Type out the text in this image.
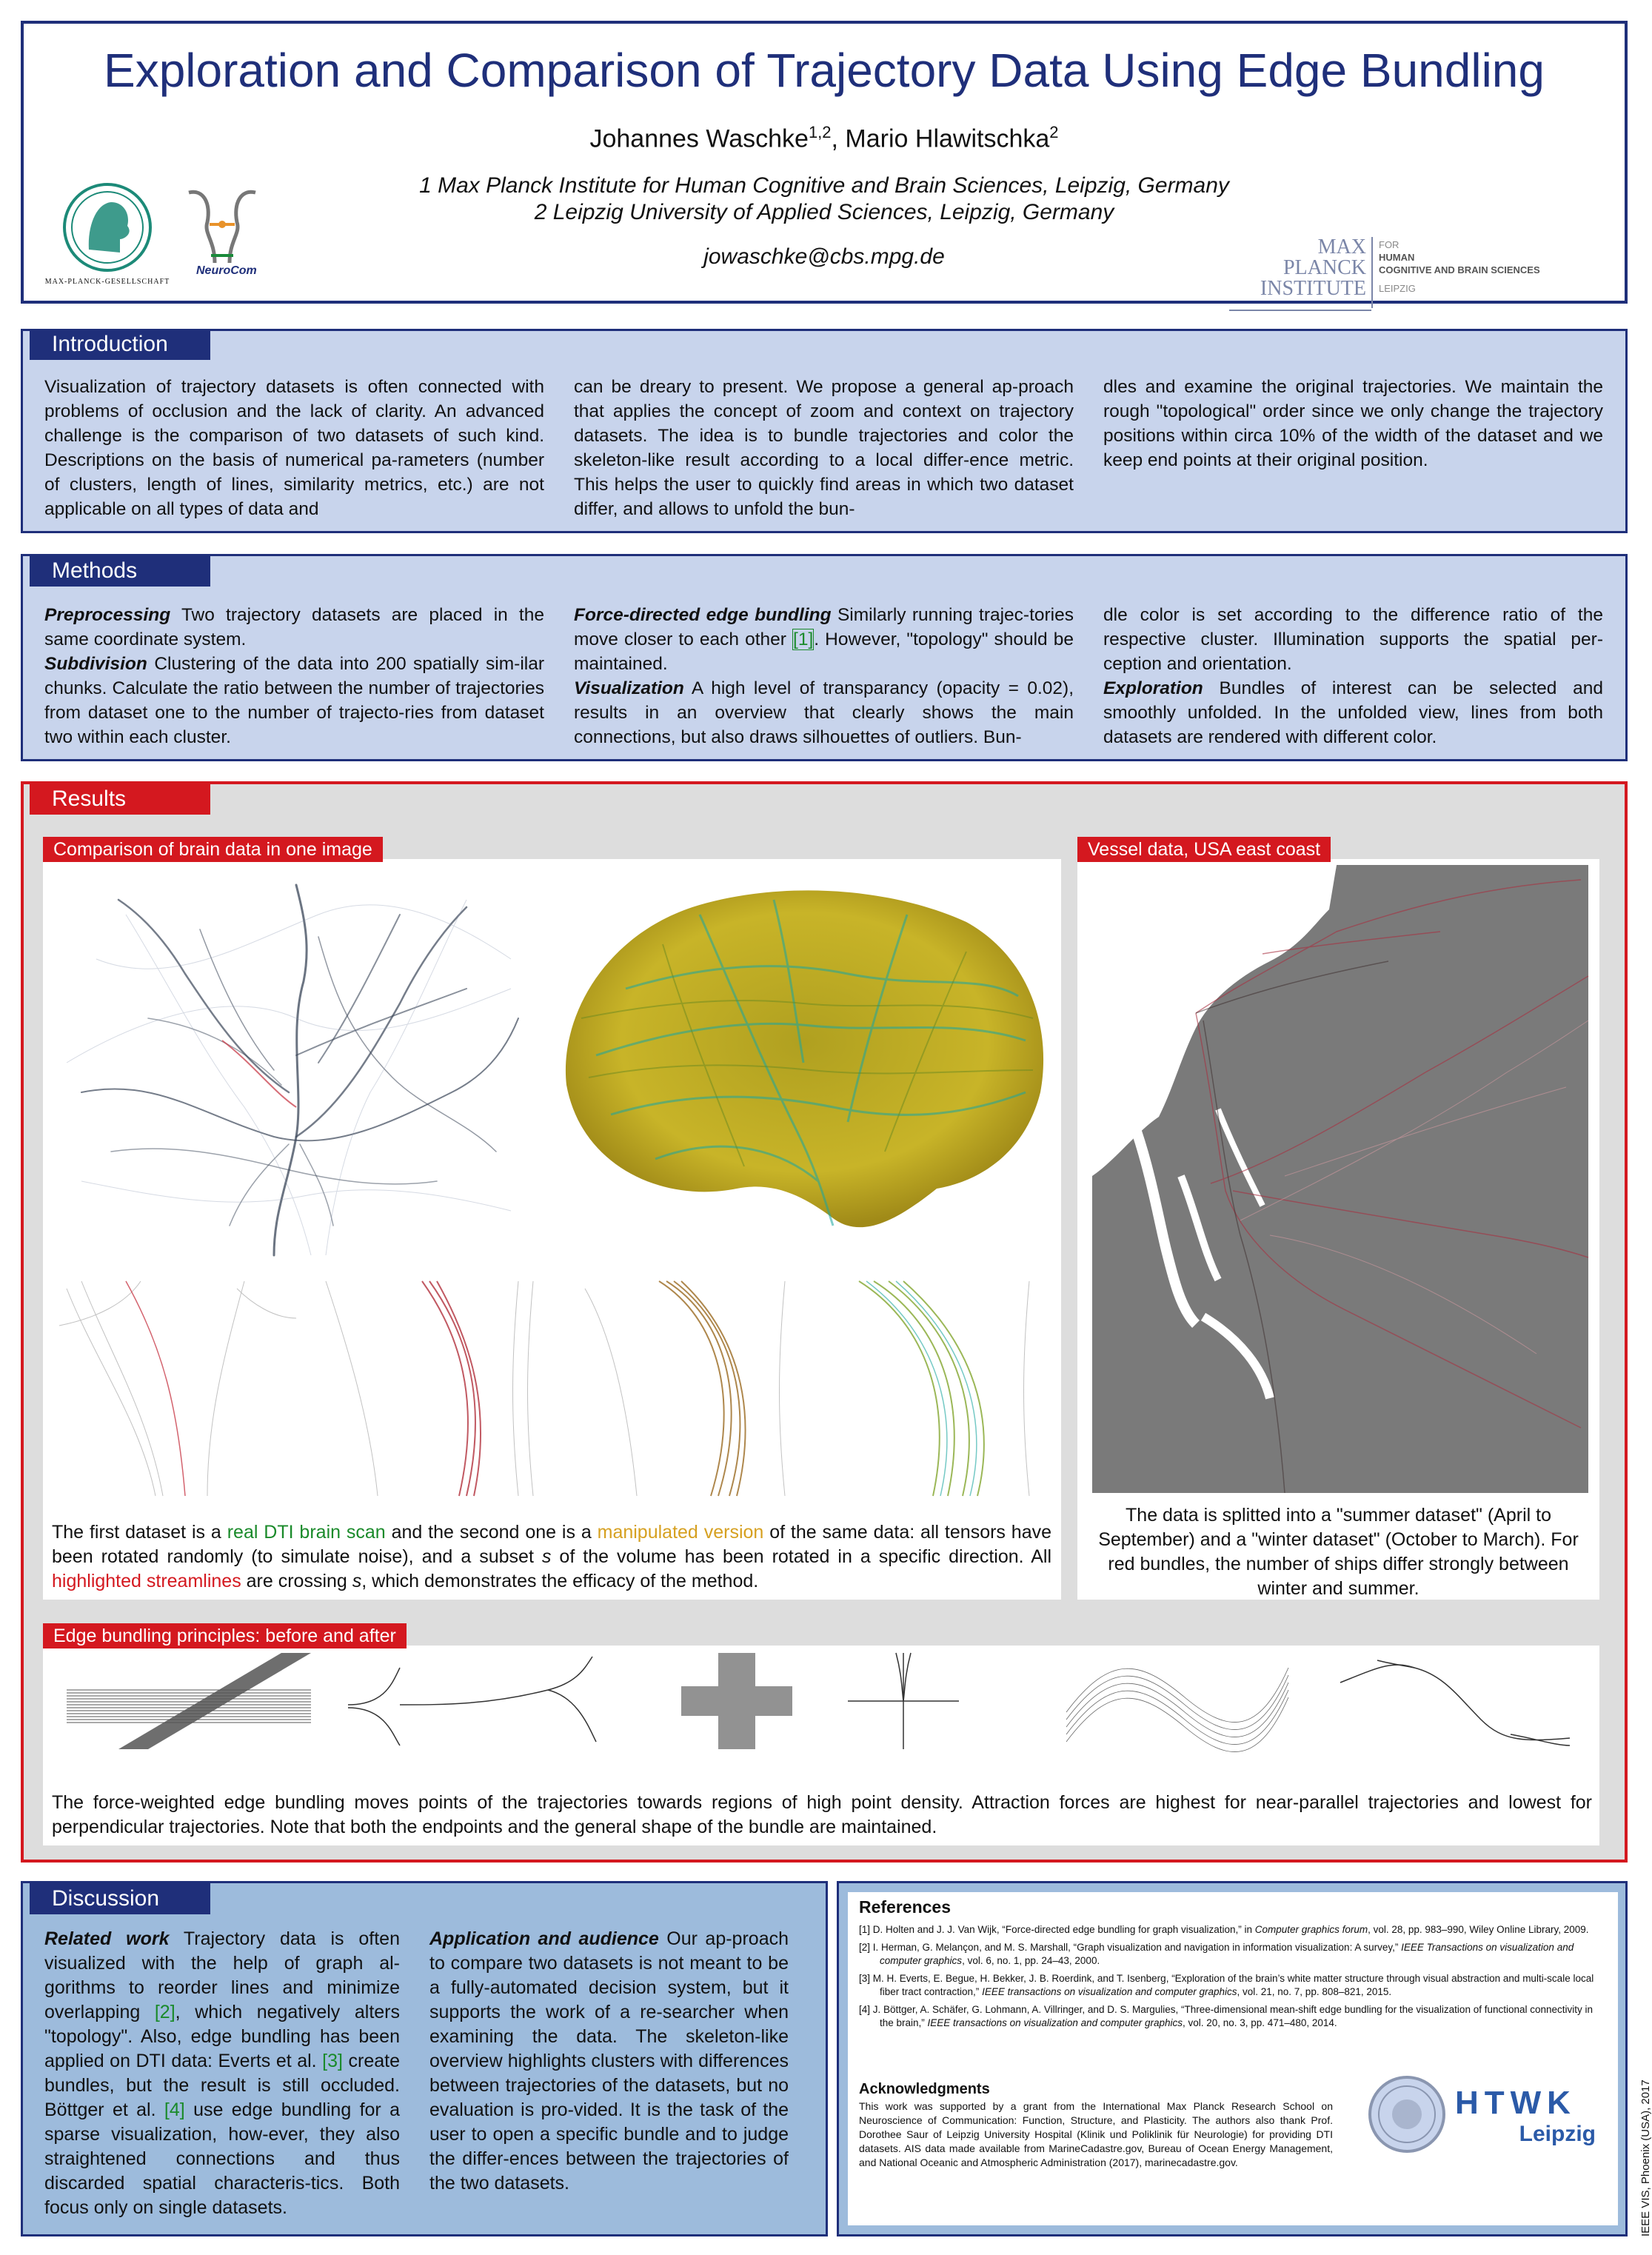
Exploration and Comparison of Trajectory Data Using Edge Bundling
Johannes Waschke$^{1,2}$, Mario Hlawitschka$^2$
1 Max Planck Institute for Human Cognitive and Brain Sciences, Leipzig, Germany
2 Leipzig University of Applied Sciences, Leipzig, Germany
jowaschke@cbs.mpg.de
MAX-PLANCK-GESELLSCHAFT
NeuroCom
MAX
PLANCK
INSTITUTE
FOR
HUMAN
COGNITIVE AND BRAIN SCIENCES
LEIPZIG
Introduction
Visualization of trajectory datasets is often connected with problems of occlusion and the lack of clarity. An advanced challenge is the comparison of two datasets of such kind. Descriptions on the basis of numerical pa-rameters (number of clusters, length of lines, similarity metrics, etc.) are not applicable on all types of data and
can be dreary to present. We propose a general ap-proach that applies the concept of zoom and context on trajectory datasets. The idea is to bundle trajectories and color the skeleton-like result according to a local differ-ence metric. This helps the user to quickly find areas in which two dataset differ, and allows to unfold the bun-
dles and examine the original trajectories. We maintain the rough "topological" order since we only change the trajectory positions within circa 10% of the width of the dataset and we keep end points at their original position.
Methods
Preprocessing Two trajectory datasets are placed in the same coordinate system.
Subdivision Clustering of the data into 200 spatially sim-ilar chunks. Calculate the ratio between the number of trajectories from dataset one to the number of trajecto-ries from dataset two within each cluster.
Force-directed edge bundling Similarly running trajec-tories move closer to each other [1]. However, "topology" should be maintained.
Visualization A high level of transparancy (opacity = 0.02), results in an overview that clearly shows the main connections, but also draws silhouettes of outliers. Bun-
dle color is set according to the difference ratio of the respective cluster. Illumination supports the spatial per-ception and orientation.
Exploration Bundles of interest can be selected and smoothly unfolded. In the unfolded view, lines from both datasets are rendered with different color.
Results
Comparison of brain data in one image
The first dataset is a real DTI brain scan and the second one is a manipulated version of the same data: all tensors have been rotated randomly (to simulate noise), and a subset s of the volume has been rotated in a specific direction. All highlighted streamlines are crossing s, which demonstrates the efficacy of the method.
Vessel data, USA east coast
The data is splitted into a "summer dataset" (April to September) and a "winter dataset" (October to March). For red bundles, the number of ships differ strongly between winter and summer.
Edge bundling principles: before and after
The force-weighted edge bundling moves points of the trajectories towards regions of high point density. Attraction forces are highest for near-parallel trajectories and lowest for perpendicular trajectories. Note that both the endpoints and the general shape of the bundle are maintained.
Discussion
Related work Trajectory data is often visualized with the help of graph al-gorithms to reorder lines and minimize overlapping [2], which negatively alters "topology". Also, edge bundling has been applied on DTI data: Everts et al. [3] create bundles, but the result is still occluded. Böttger et al. [4] use edge bundling for a sparse visualization, how-ever, they also straightened connections and thus discarded spatial characteris-tics. Both focus only on single datasets.
Application and audience Our ap-proach to compare two datasets is not meant to be a fully-automated decision system, but it supports the work of a re-searcher when examining the data. The skeleton-like overview highlights clusters with differences between trajectories of the datasets, but no evaluation is pro-vided. It is the task of the user to open a specific bundle and to judge the differ-ences between the trajectories of the two datasets.
References
[1] D. Holten and J. J. Van Wijk, “Force-directed edge bundling for graph visualization,” in Computer graphics forum, vol. 28, pp. 983–990, Wiley Online Library, 2009.
[2] I. Herman, G. Melançon, and M. S. Marshall, “Graph visualization and navigation in information visualization: A survey,” IEEE Transactions on visualization and computer graphics, vol. 6, no. 1, pp. 24–43, 2000.
[3] M. H. Everts, E. Begue, H. Bekker, J. B. Roerdink, and T. Isenberg, “Exploration of the brain’s white matter structure through visual abstraction and multi-scale local fiber tract contraction,” IEEE transactions on visualization and computer graphics, vol. 21, no. 7, pp. 808–821, 2015.
[4] J. Böttger, A. Schäfer, G. Lohmann, A. Villringer, and D. S. Margulies, “Three-dimensional mean-shift edge bundling for the visualization of functional connectivity in the brain,” IEEE transactions on visualization and computer graphics, vol. 20, no. 3, pp. 471–480, 2014.
Acknowledgments
This work was supported by a grant from the International Max Planck Research School on Neuroscience of Communication: Function, Structure, and Plasticity. The authors also thank Prof. Dorothee Saur of Leipzig University Hospital (Klinik und Poliklinik für Neurologie) for providing DTI datasets. AIS data made available from MarineCadastre.gov, Bureau of Ocean Energy Management, and National Oceanic and Atmospheric Administration (2017), marinecadastre.gov.
HTWK
Leipzig	IEEE VIS, Phoenix (USA), 2017
